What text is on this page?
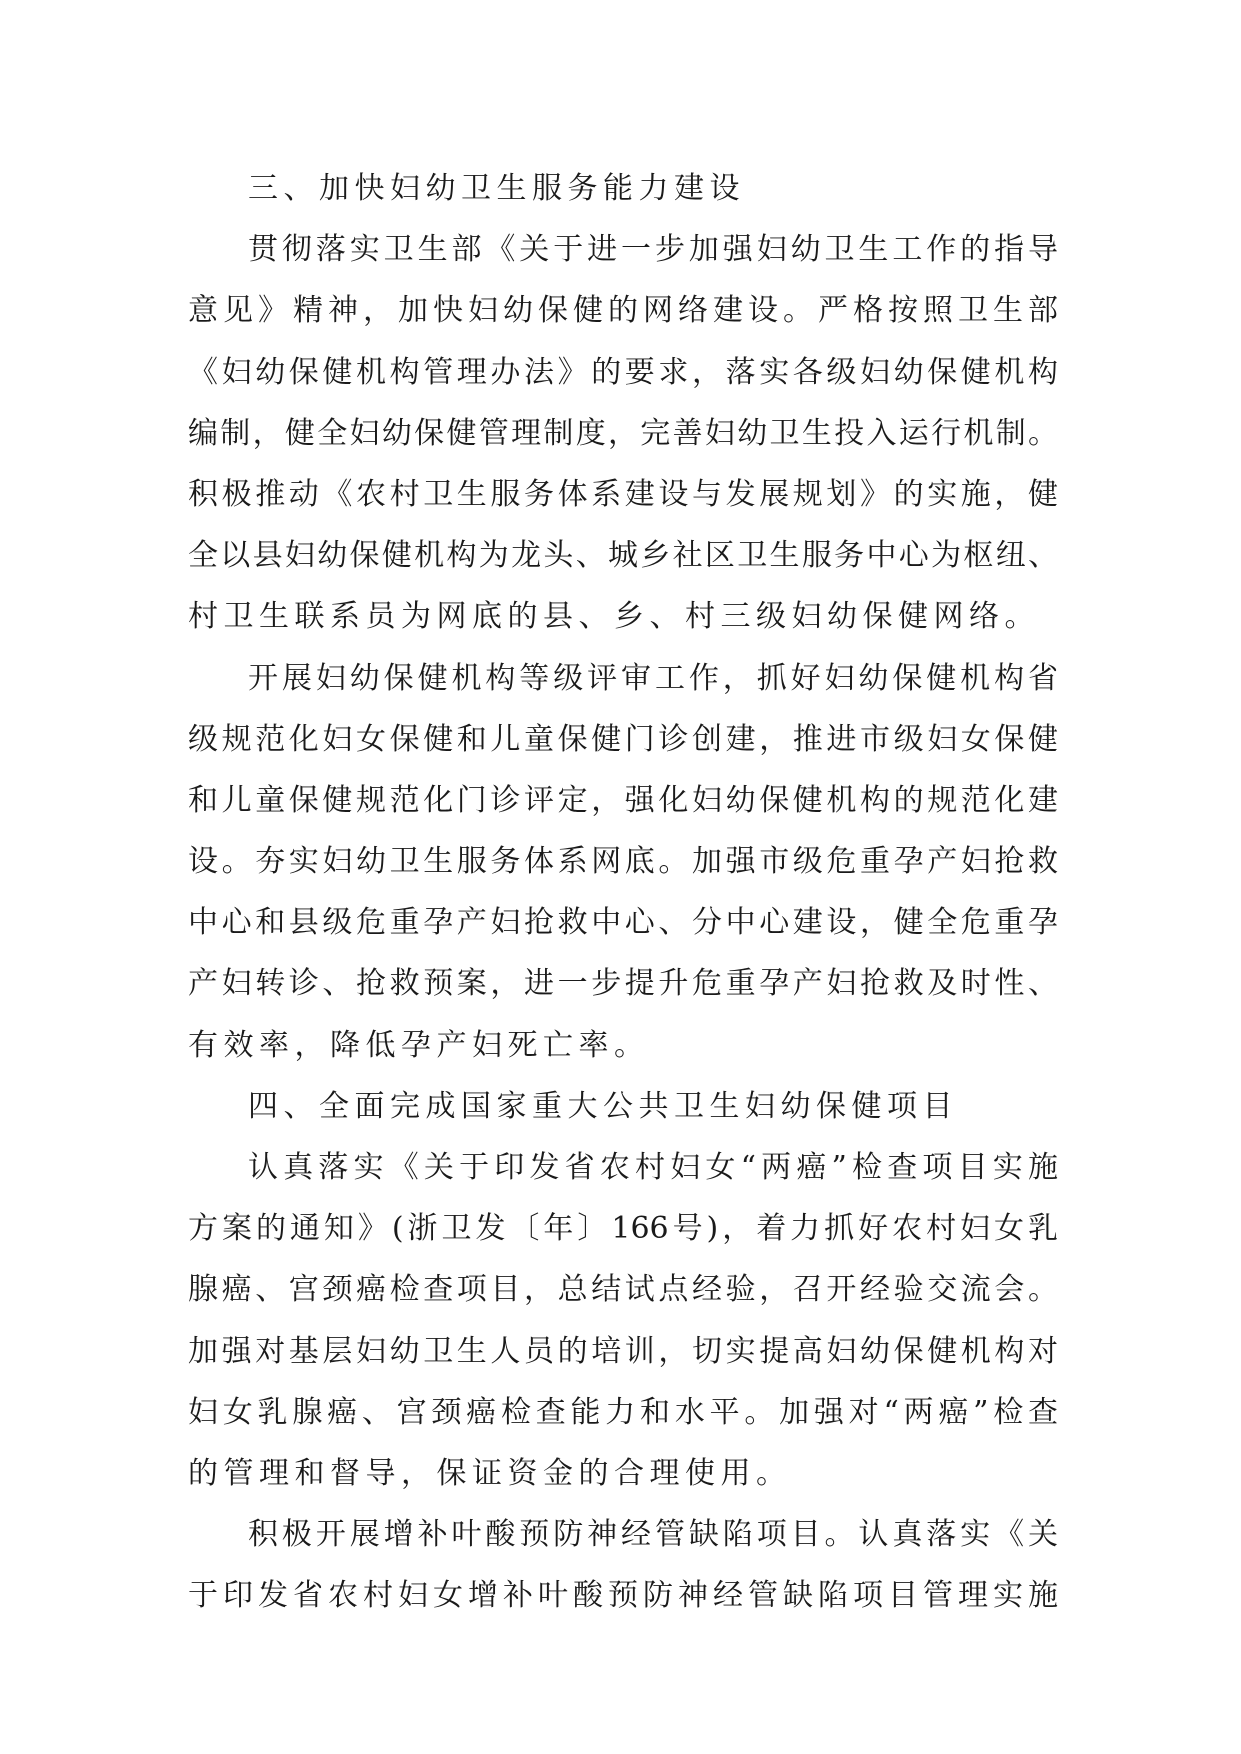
三、加快妇幼卫生服务能力建设
贯彻落实卫生部《关于进一步加强妇幼卫生工作的指导
意见》精神，加快妇幼保健的网络建设。严格按照卫生部
《妇幼保健机构管理办法》的要求，落实各级妇幼保健机构
编制，健全妇幼保健管理制度，完善妇幼卫生投入运行机制。
积极推动《农村卫生服务体系建设与发展规划》的实施，健
全以县妇幼保健机构为龙头、城乡社区卫生服务中心为枢纽、
村卫生联系员为网底的县、乡、村三级妇幼保健网络。
开展妇幼保健机构等级评审工作，抓好妇幼保健机构省
级规范化妇女保健和儿童保健门诊创建，推进市级妇女保健
和儿童保健规范化门诊评定，强化妇幼保健机构的规范化建
设。夯实妇幼卫生服务体系网底。加强市级危重孕产妇抢救
中心和县级危重孕产妇抢救中心、分中心建设，健全危重孕
产妇转诊、抢救预案，进一步提升危重孕产妇抢救及时性、
有效率，降低孕产妇死亡率。
四、全面完成国家重大公共卫生妇幼保健项目
认真落实《关于印发省农村妇女“两癌”检查项目实施
方案的通知》(浙卫发〔年〕166号)，着力抓好农村妇女乳
腺癌、宫颈癌检查项目，总结试点经验，召开经验交流会。
加强对基层妇幼卫生人员的培训，切实提高妇幼保健机构对
妇女乳腺癌、宫颈癌检查能力和水平。加强对“两癌”检查
的管理和督导，保证资金的合理使用。
积极开展增补叶酸预防神经管缺陷项目。认真落实《关
于印发省农村妇女增补叶酸预防神经管缺陷项目管理实施
